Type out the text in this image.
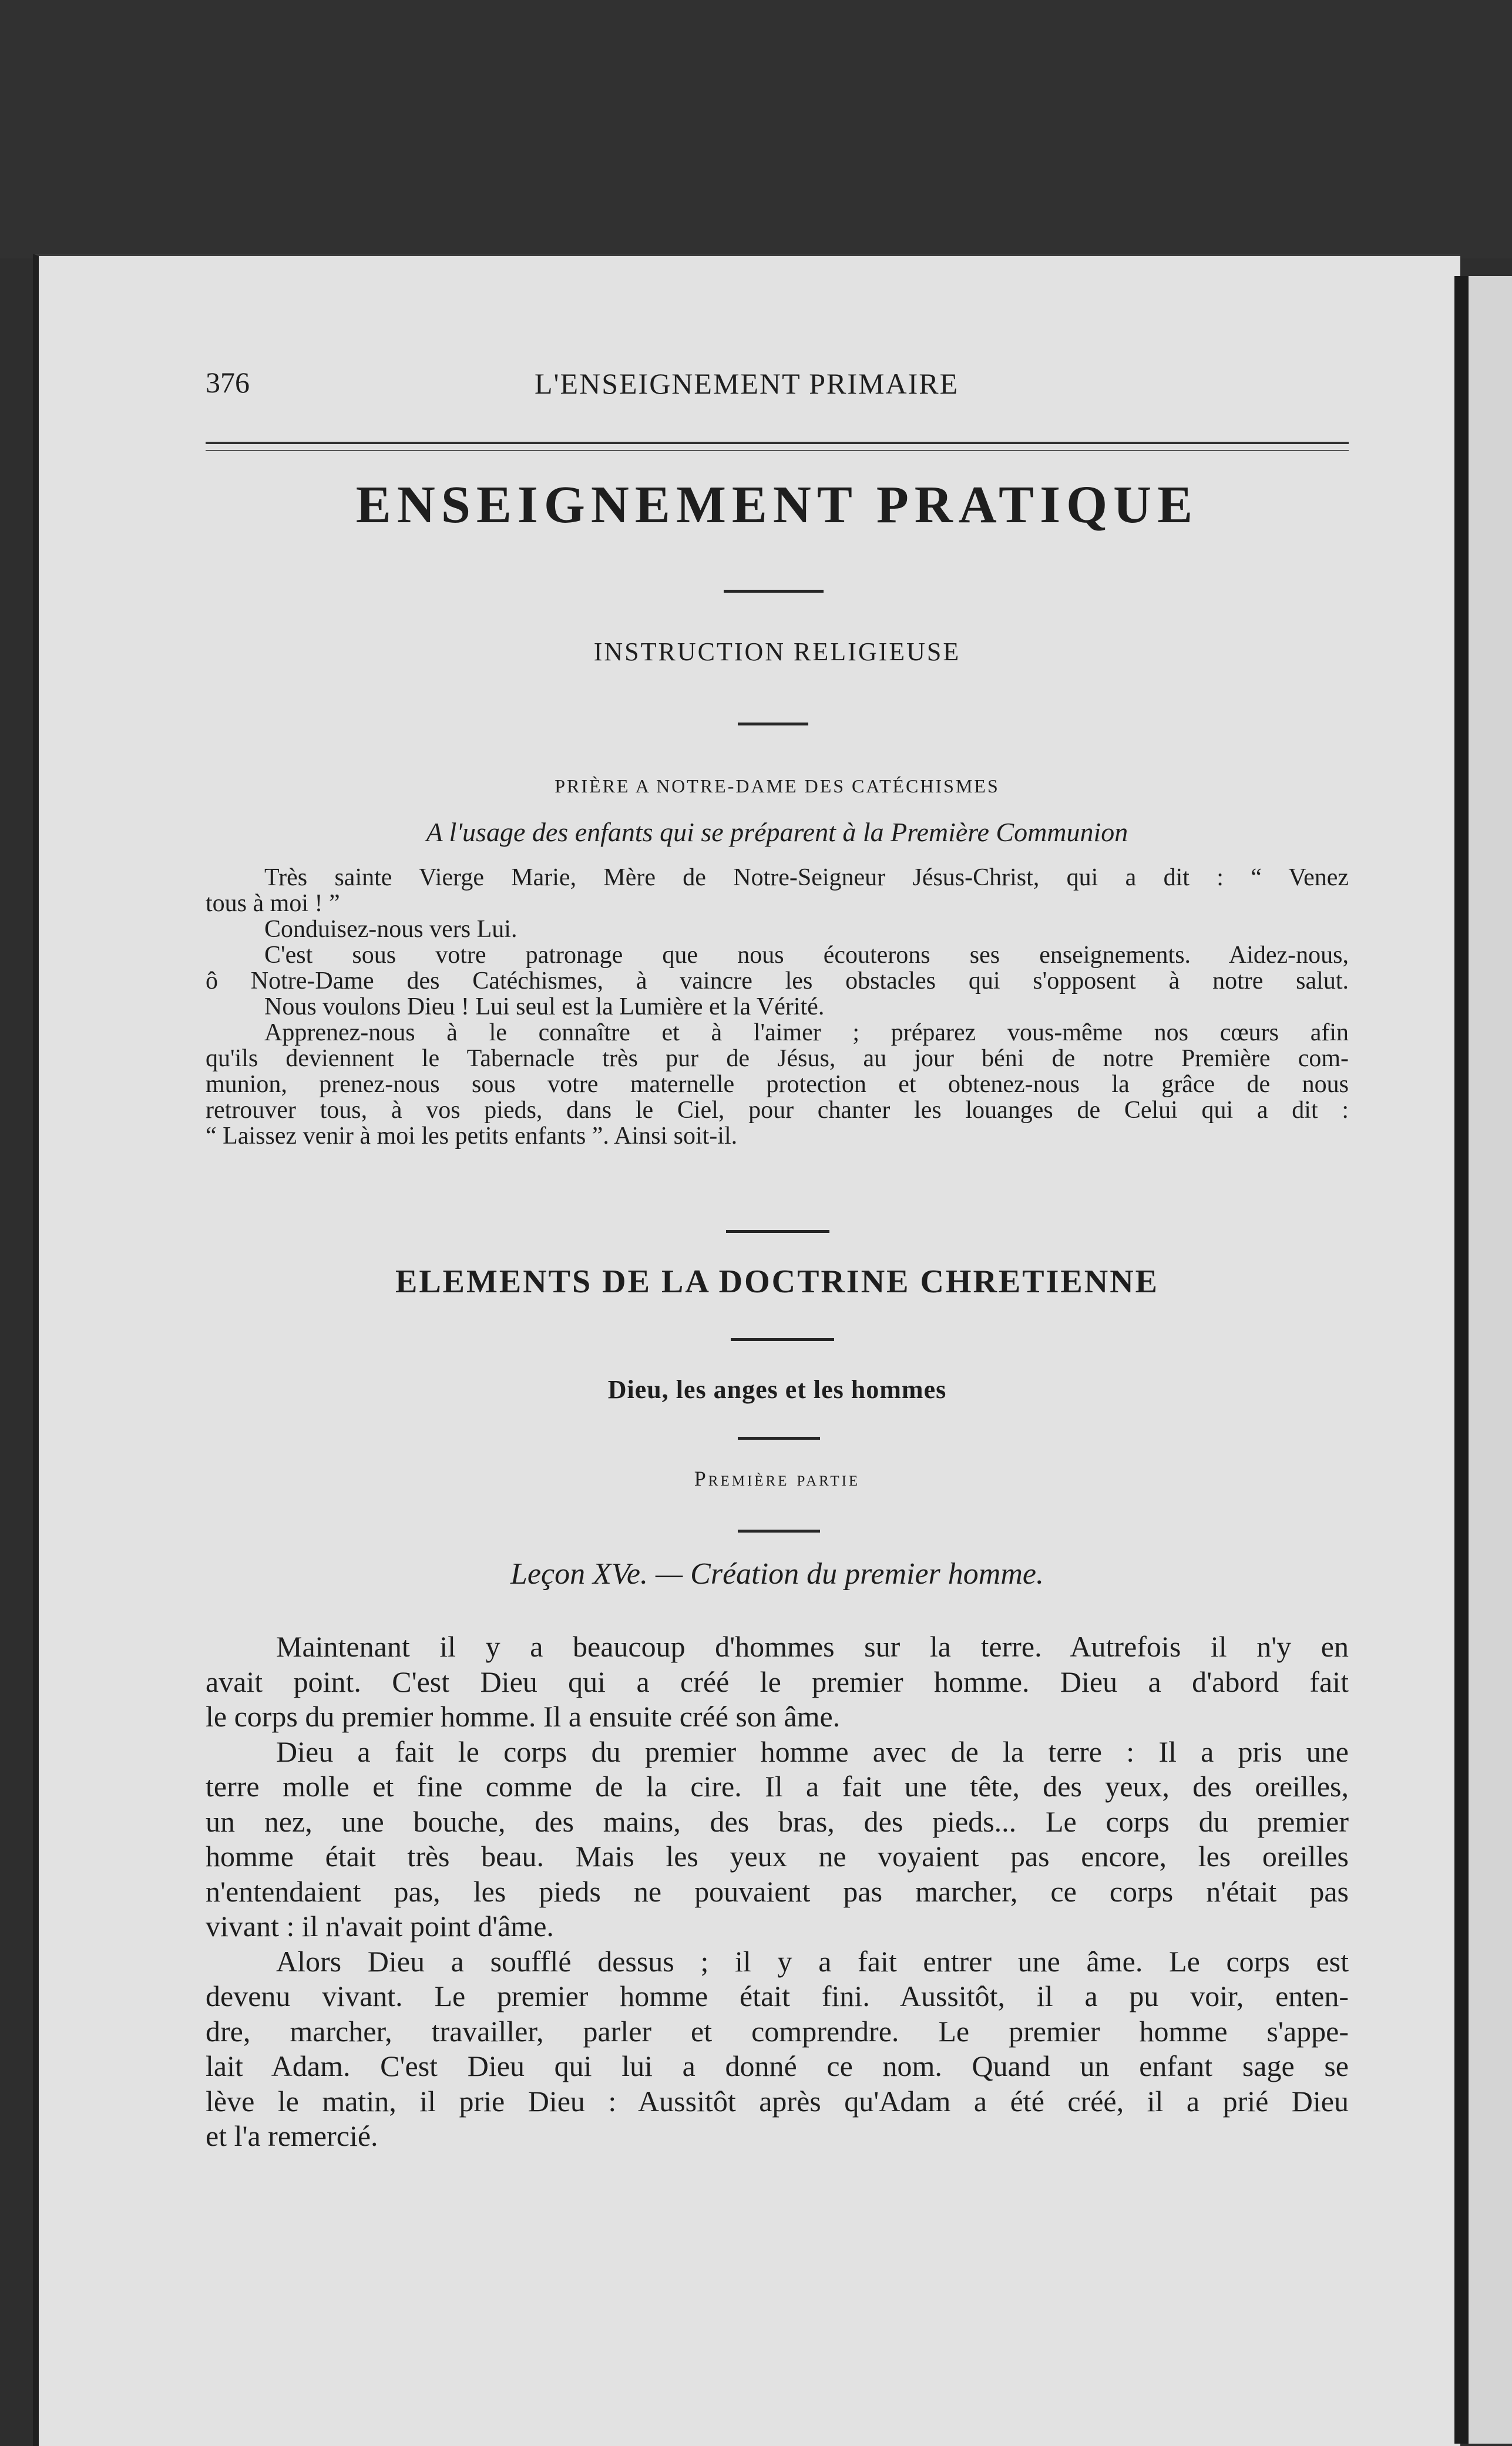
376	L'ENSEIGNEMENT PRIMAIRE
ENSEIGNEMENT PRATIQUE
INSTRUCTION RELIGIEUSE
PRIÈRE A NOTRE-DAME DES CATÉCHISMES
A l'usage des enfants qui se préparent à la Première Communion
Très sainte Vierge Marie, Mère de Notre-Seigneur Jésus-Christ, qui a dit : “ Venez
tous à moi ! ”
Conduisez-nous vers Lui.
C'est sous votre patronage que nous écouterons ses enseignements. Aidez-nous,
ô Notre-Dame des Catéchismes, à vaincre les obstacles qui s'opposent à notre salut.
Nous voulons Dieu ! Lui seul est la Lumière et la Vérité.
Apprenez-nous à le connaître et à l'aimer ; préparez vous-même nos cœurs afin
qu'ils deviennent le Tabernacle très pur de Jésus, au jour béni de notre Première com-
munion, prenez-nous sous votre maternelle protection et obtenez-nous la grâce de nous
retrouver tous, à vos pieds, dans le Ciel, pour chanter les louanges de Celui qui a dit :
“ Laissez venir à moi les petits enfants ”. Ainsi soit-il.
ELEMENTS DE LA DOCTRINE CHRETIENNE
Dieu, les anges et les hommes
Première partie
Leçon XVe. — Création du premier homme.
Maintenant il y a beaucoup d'hommes sur la terre. Autrefois il n'y en
avait point. C'est Dieu qui a créé le premier homme. Dieu a d'abord fait
le corps du premier homme. Il a ensuite créé son âme.
Dieu a fait le corps du premier homme avec de la terre : Il a pris une
terre molle et fine comme de la cire. Il a fait une tête, des yeux, des oreilles,
un nez, une bouche, des mains, des bras, des pieds... Le corps du premier
homme était très beau. Mais les yeux ne voyaient pas encore, les oreilles
n'entendaient pas, les pieds ne pouvaient pas marcher, ce corps n'était pas
vivant : il n'avait point d'âme.
Alors Dieu a soufflé dessus ; il y a fait entrer une âme. Le corps est
devenu vivant. Le premier homme était fini. Aussitôt, il a pu voir, enten-
dre, marcher, travailler, parler et comprendre. Le premier homme s'appe-
lait Adam. C'est Dieu qui lui a donné ce nom. Quand un enfant sage se
lève le matin, il prie Dieu : Aussitôt après qu'Adam a été créé, il a prié Dieu
et l'a remercié.
